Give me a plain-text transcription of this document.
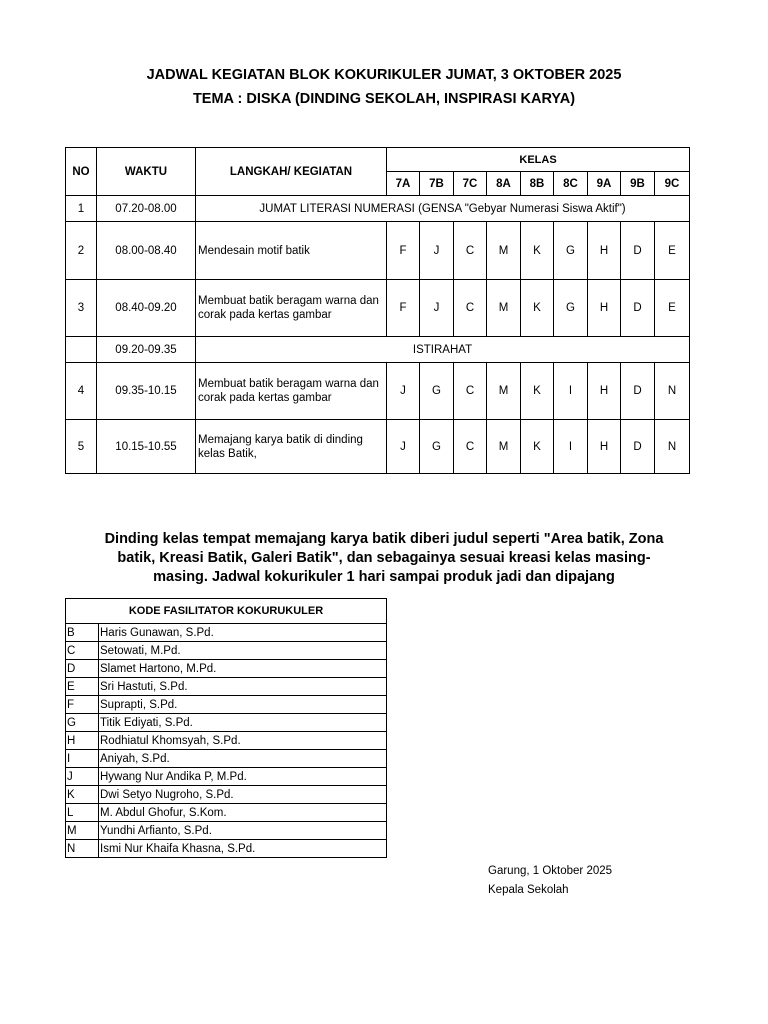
JADWAL KEGIATAN BLOK KOKURIKULER JUMAT, 3 OKTOBER 2025
TEMA : DISKA (DINDING SEKOLAH, INSPIRASI KARYA)
NO	WAKTU	LANGKAH/ KEGIATAN	KELAS								
			7A	7B	7C	8A	8B	8C	9A	9B	9C
1	07.20-08.00	JUMAT LITERASI NUMERASI (GENSA "Gebyar Numerasi Siswa Aktif")									
2	08.00-08.40	Mendesain motif batik	F	J	C	M	K	G	H	D	E
3	08.40-09.20	Membuat batik beragam warna dan corak pada kertas gambar	F	J	C	M	K	G	H	D	E
	09.20-09.35	ISTIRAHAT									
4	09.35-10.15	Membuat batik beragam warna dan corak pada kertas gambar	J	G	C	M	K	I	H	D	N
5	10.15-10.55	Memajang karya batik di dinding kelas Batik,	J	G	C	M	K	I	H	D	N
Dinding kelas tempat memajang karya batik diberi judul seperti "Area batik, Zona
batik, Kreasi Batik, Galeri Batik", dan sebagainya sesuai kreasi kelas masing-
masing. Jadwal kokurikuler 1 hari sampai produk jadi dan dipajang
KODE FASILITATOR KOKURUKULER	
B	Haris Gunawan, S.Pd.
C	Setowati, M.Pd.
D	Slamet Hartono, M.Pd.
E	Sri Hastuti, S.Pd.
F	Suprapti, S.Pd.
G	Titik Ediyati, S.Pd.
H	Rodhiatul Khomsyah, S.Pd.
I	Aniyah, S.Pd.
J	Hywang Nur Andika P, M.Pd.
K	Dwi Setyo Nugroho, S.Pd.
L	M. Abdul Ghofur, S.Kom.
M	Yundhi Arfianto, S.Pd.
N	Ismi Nur Khaifa Khasna, S.Pd.
Garung, 1 Oktober 2025
Kepala Sekolah
